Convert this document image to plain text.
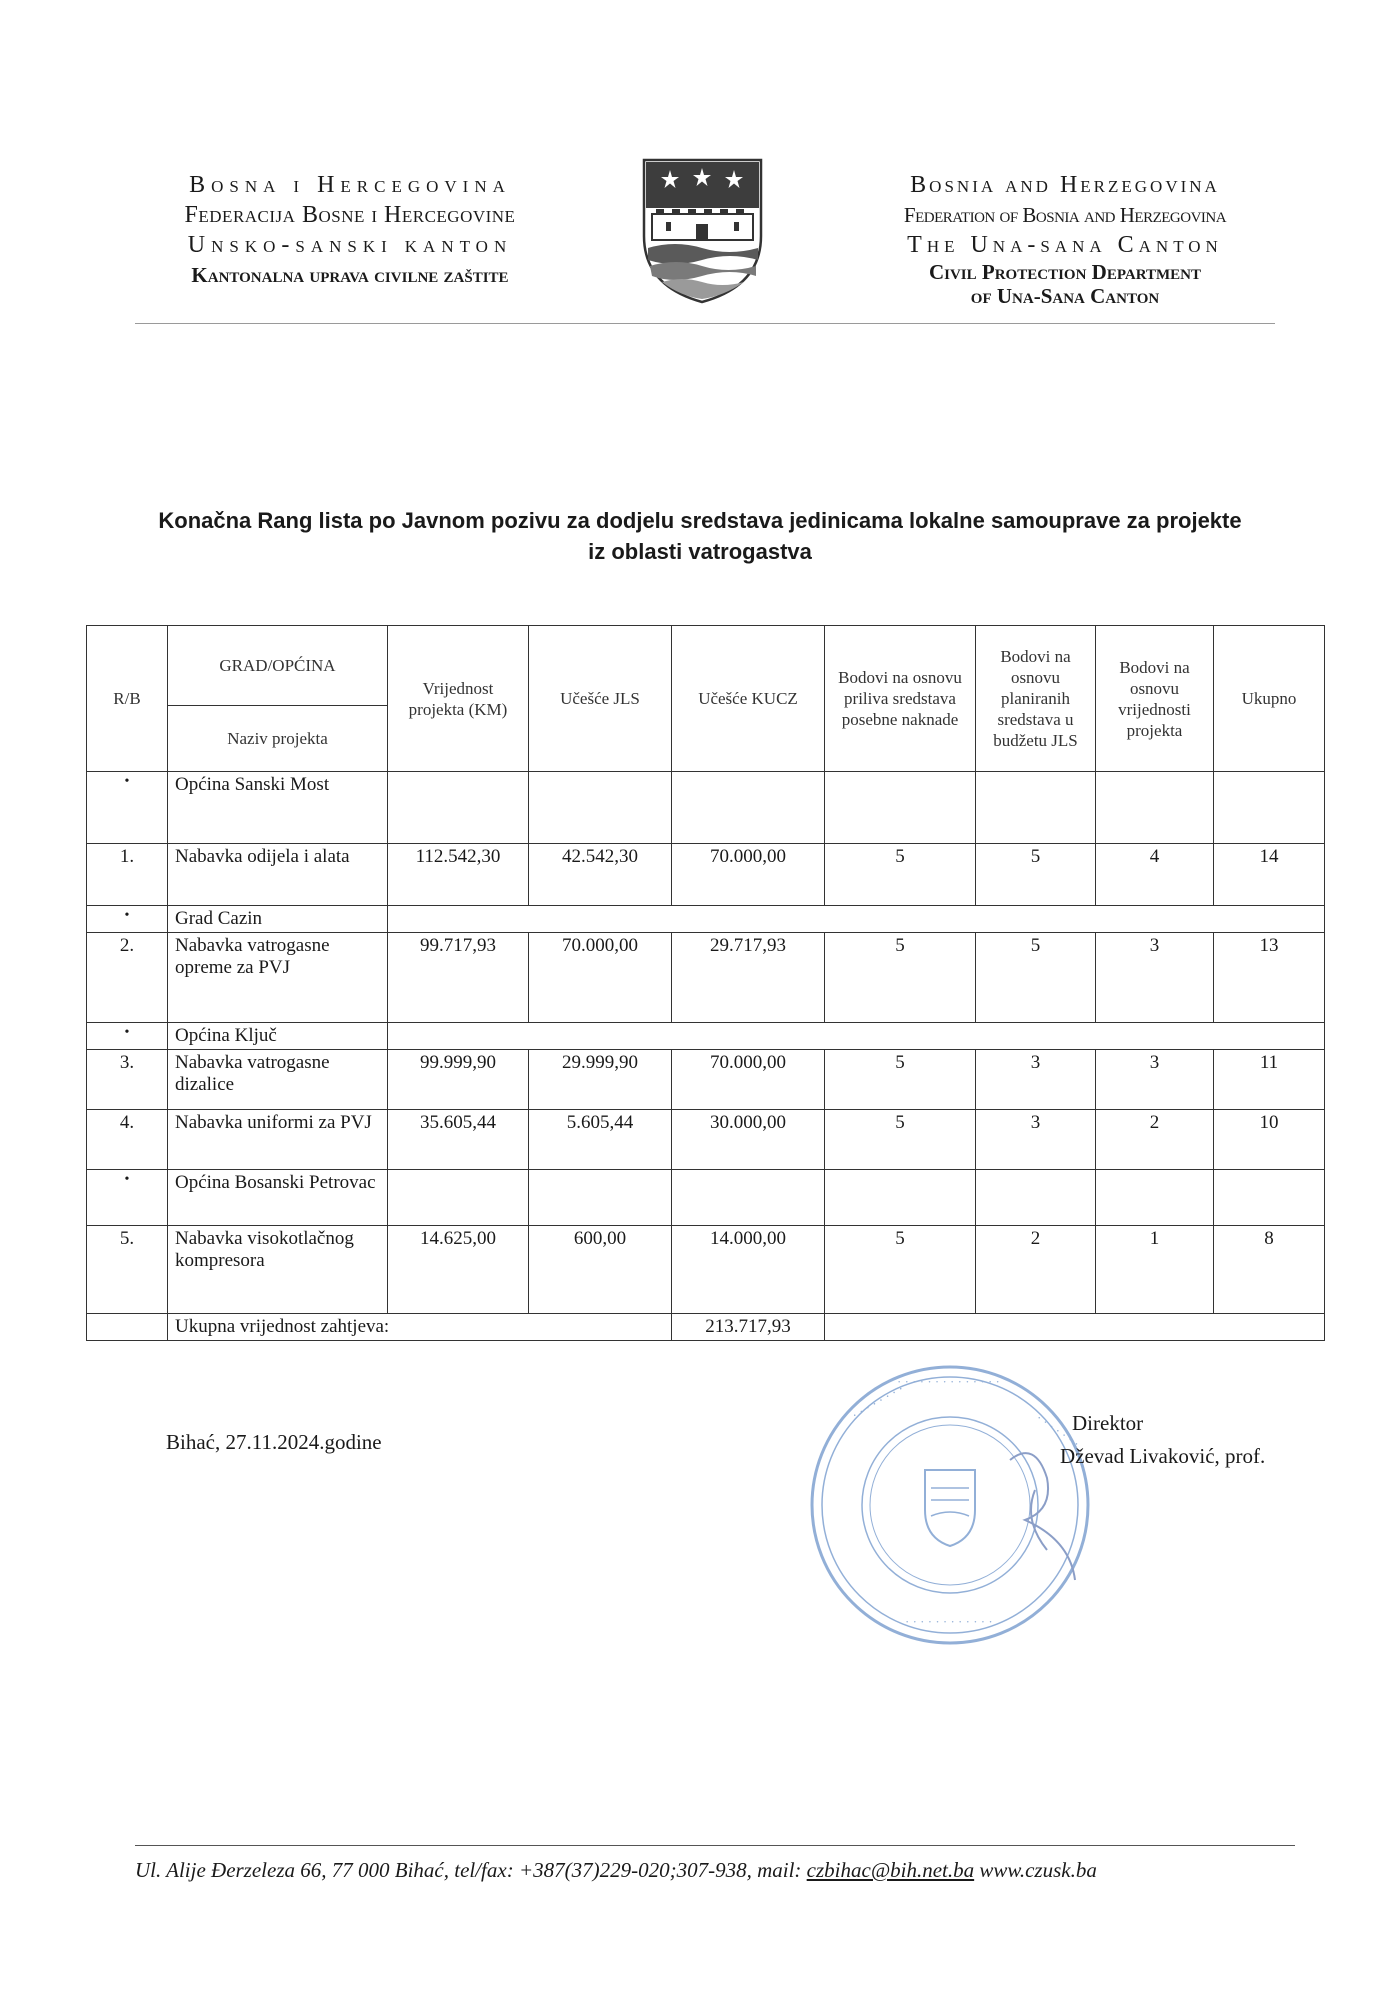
Bosna i Hercegovina
Federacija Bosne i Hercegovine
Unsko-sanski kanton
Kantonalna uprava civilne zaštite
Bosnia and Herzegovina
Federation of Bosnia and Herzegovina
The Una-sana Canton
Civil Protection Department
of Una-Sana Canton
Konačna Rang lista po Javnom pozivu za dodjelu sredstava jedinicama lokalne samouprave za projekte
iz oblasti vatrogastva
R/B	GRAD/OPĆINA	Vrijednost projekta (KM)	Učešće JLS	Učešće KUCZ	Bodovi na osnovu priliva sredstava posebne naknade	Bodovi na osnovu planiranih sredstava u budžetu JLS	Bodovi na osnovu vrijednosti projekta	Ukupno
	Naziv projekta							
•	Općina Sanski Most							
1.	Nabavka odijela i alata	112.542,30	42.542,30	70.000,00	5	5	4	14
•	Grad Cazin							
2.	Nabavka vatrogasne opreme za PVJ	99.717,93	70.000,00	29.717,93	5	5	3	13
•	Općina Ključ							
3.	Nabavka vatrogasne dizalice	99.999,90	29.999,90	70.000,00	5	3	3	11
4.	Nabavka uniformi za PVJ	35.605,44	5.605,44	30.000,00	5	3	2	10
•	Općina Bosanski Petrovac							
5.	Nabavka visokotlačnog kompresora	14.625,00	600,00	14.000,00	5	2	1	8
	Ukupna vrijednost zahtjeva:			213.717,93				
Bihać, 27.11.2024.godine
· · · · · · · · · · · · · ·
· · · · · · · ·
· · · · · · ·
· · · · · · · · · · · ·
Direktor
Dževad Livaković, prof.
Ul. Alije Đerzeleza 66, 77 000 Bihać, tel/fax: +387(37)229-020;307-938, mail: czbihac@bih.net.ba www.czusk.ba
